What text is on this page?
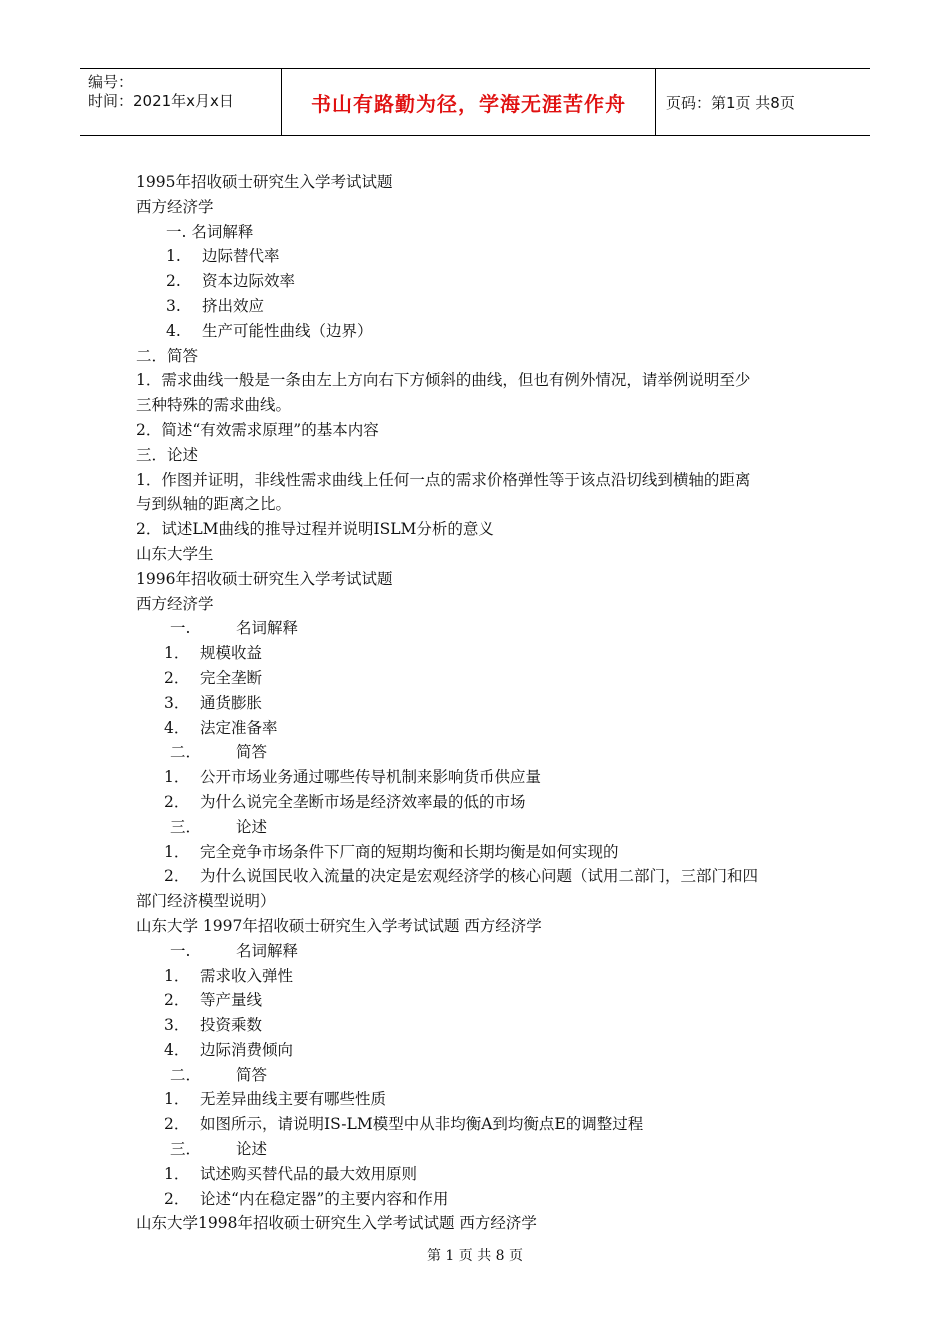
编号：
时间：2021年x月x日	书山有路勤为径，学海无涯苦作舟	页码：第1页 共8页
1995年招收硕士研究生入学考试试题
西方经济学
一. 名词解释
1. 边际替代率
2. 资本边际效率
3. 挤出效应
4. 生产可能性曲线（边界）
二．简答
1．需求曲线一般是一条由左上方向右下方倾斜的曲线，但也有例外情况，请举例说明至少
三种特殊的需求曲线。
2．简述“有效需求原理”的基本内容
三．论述
1．作图并证明，非线性需求曲线上任何一点的需求价格弹性等于该点沿切线到横轴的距离
与到纵轴的距离之比。
2．试述LM曲线的推导过程并说明ISLM分析的意义
山东大学生
1996年招收硕士研究生入学考试试题
西方经济学
一.	名词解释
1． 规模收益
2． 完全垄断
3． 通货膨胀
4． 法定准备率
二． 简答
1． 公开市场业务通过哪些传导机制来影响货币供应量
2． 为什么说完全垄断市场是经济效率最的低的市场
三． 论述
1． 完全竞争市场条件下厂商的短期均衡和长期均衡是如何实现的
2． 为什么说国民收入流量的决定是宏观经济学的核心问题（试用二部门，三部门和四
部门经济模型说明）
山东大学 1997年招收硕士研究生入学考试试题 西方经济学
一.	名词解释
1． 需求收入弹性
2． 等产量线
3． 投资乘数
4． 边际消费倾向
二． 简答
1． 无差异曲线主要有哪些性质
2． 如图所示，请说明IS-LM模型中从非均衡A到均衡点E的调整过程
三． 论述
1． 试述购买替代品的最大效用原则
2． 论述“内在稳定器”的主要内容和作用
山东大学1998年招收硕士研究生入学考试试题 西方经济学
第 1 页 共 8 页
